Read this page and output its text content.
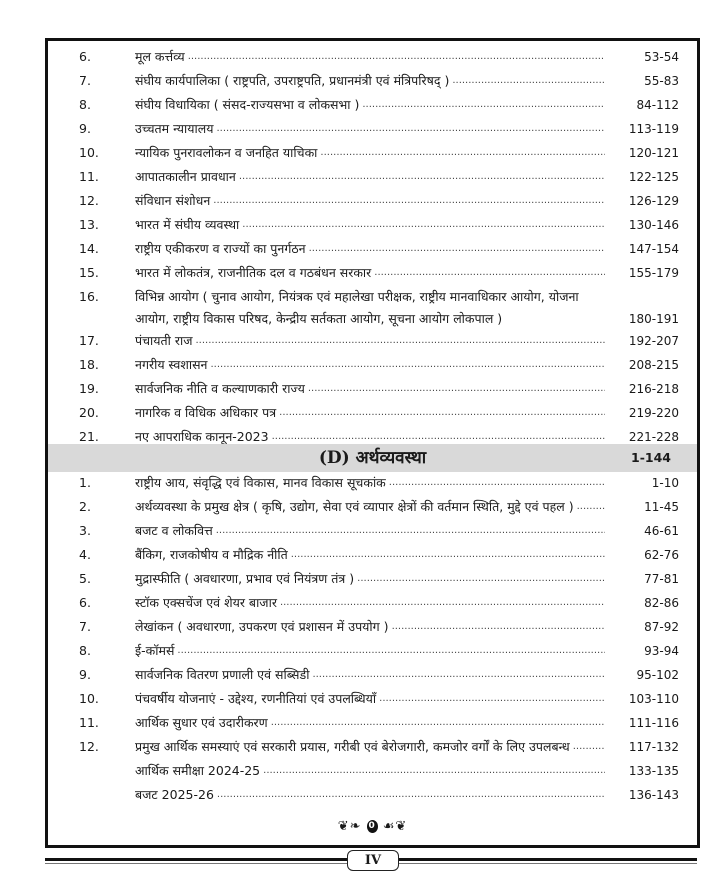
6.	मूल कर्त्तव्य .....	53-54
7.	संघीय कार्यपालिका ( राष्ट्रपति, उपराष्ट्रपति, प्रधानमंत्री एवं मंत्रिपरिषद् ) .....	55-83
8.	संघीय विधायिका ( संसद-राज्यसभा व लोकसभा ) .....	84-112
9.	उच्चतम न्यायालय .....	113-119
10.	न्यायिक पुनरावलोकन व जनहित याचिका .....	120-121
11.	आपातकालीन प्रावधान .....	122-125
12.	संविधान संशोधन .....	126-129
13.	भारत में संघीय व्यवस्था .....	130-146
14.	राष्ट्रीय एकीकरण व राज्यों का पुनर्गठन .....	147-154
15.	भारत में लोकतंत्र, राजनीतिक दल व गठबंधन सरकार .....	155-179
16.	विभिन्न आयोग ( चुनाव आयोग, नियंत्रक एवं महालेखा परीक्षक, राष्ट्रीय मानवाधिकार आयोग, योजना आयोग, राष्ट्रीय विकास परिषद, केन्द्रीय सर्तकता आयोग, सूचना आयोग लोकपाल )	180-191
17.	पंचायती राज .....	192-207
18.	नगरीय स्वशासन .....	208-215
19.	सार्वजनिक नीति व कल्याणकारी राज्य .....	216-218
20.	नागरिक व विधिक अधिकार पत्र .....	219-220
21.	नए आपराधिक कानून-2023 .....	221-228
(D) अर्थव्यवस्था	1-144
1.	राष्ट्रीय आय, संवृद्धि एवं विकास, मानव विकास सूचकांक .....	1-10
2.	अर्थव्यवस्था के प्रमुख क्षेत्र ( कृषि, उद्योग, सेवा एवं व्यापार क्षेत्रों की वर्तमान स्थिति, मुद्दे एवं पहल ) .....	11-45
3.	बजट व लोकवित्त .....	46-61
4.	बैंकिग, राजकोषीय व मौद्रिक नीति .....	62-76
5.	मुद्रास्फीति ( अवधारणा, प्रभाव एवं नियंत्रण तंत्र ) .....	77-81
6.	स्टॉक एक्सचेंज एवं शेयर बाजार .....	82-86
7.	लेखांकन ( अवधारणा, उपकरण एवं प्रशासन में उपयोग ) .....	87-92
8.	ई-कॉमर्स .....	93-94
9.	सार्वजनिक वितरण प्रणाली एवं सब्सिडी .....	95-102
10.	पंचवर्षीय योजनाएं - उद्देश्य, रणनीतियां एवं उपलब्धियाँ .....	103-110
11.	आर्थिक सुधार एवं उदारीकरण .....	111-116
12.	प्रमुख आर्थिक समस्याएं एवं सरकारी प्रयास, गरीबी एवं बेरोजगारी, कमजोर वर्गों के लिए उपलबन्ध .....	117-132
आर्थिक समीक्षा 2024-25 .....	133-135
बजट 2025-26 .....	136-143
❦❧ 0 ☙❦
IV
